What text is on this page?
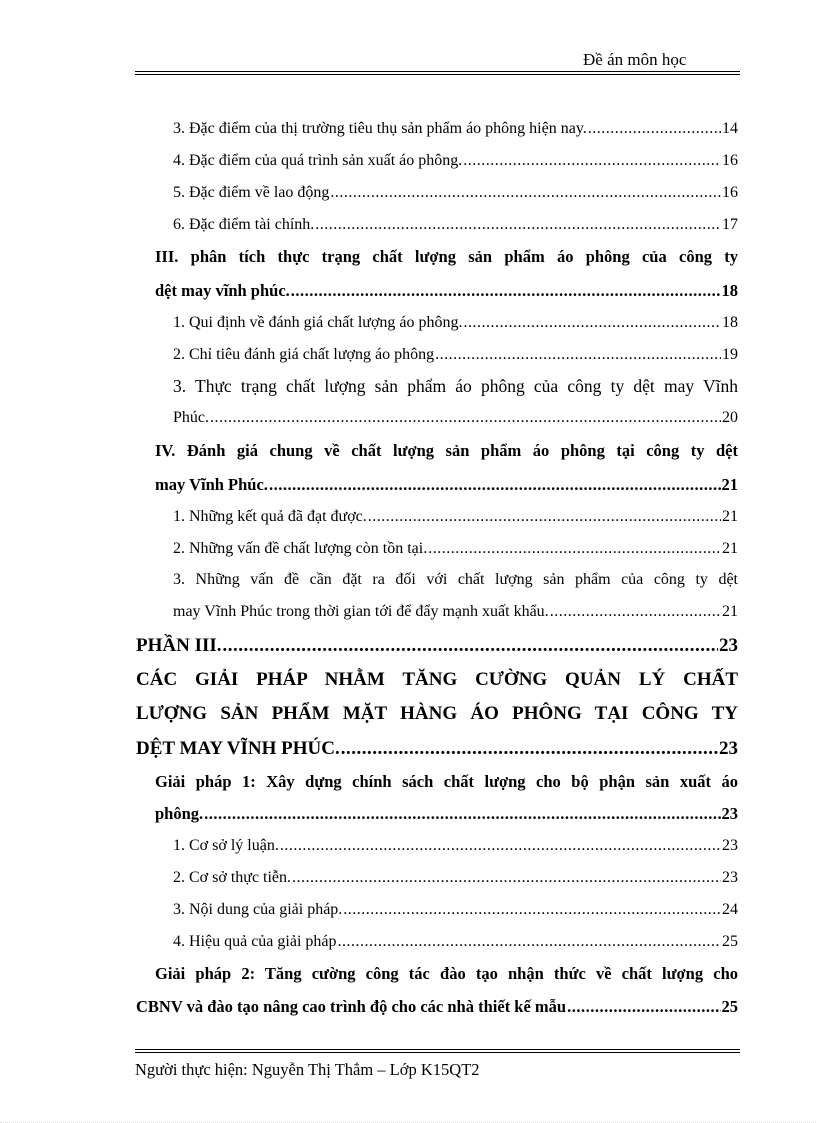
Đề án môn học
3. Đặc điểm của thị trường tiêu thụ sản phẩm áo phông hiện nay. .....	14
4. Đặc điểm của quá trình sản xuất áo phông. .....	16
5. Đặc điểm về lao động .....	16
6. Đặc điểm tài chính. .....	17
III. phân tích thực trạng chất lượng sản phẩm áo phông của công ty
dệt may vĩnh phúc. .....	18
1. Qui định về đánh giá chất lượng áo phông. .....	18
2. Chỉ tiêu đánh giá chất lượng áo phông .....	19
3. Thực trạng chất lượng sản phẩm áo phông của công ty dệt may Vĩnh
Phúc. .....	20
IV. Đánh giá chung về chất lượng sản phẩm áo phông tại công ty dệt
may Vĩnh Phúc. .....	21
1. Những kết quả đã đạt được. .....	21
2. Những vấn đề chất lượng còn tồn tại. .....	21
3. Những vấn đề cần đặt ra đối với chất lượng sản phẩm của công ty dệt
may Vĩnh Phúc trong thời gian tới để đẩy mạnh xuất khẩu. .....	21
PHẦN III. .....	23
CÁC GIẢI PHÁP NHẰM TĂNG CƯỜNG QUẢN LÝ CHẤT
LƯỢNG SẢN PHẨM MẶT HÀNG ÁO PHÔNG TẠI CÔNG TY
DỆT MAY VĨNH PHÚC. .....	23
Giải pháp 1: Xây dựng chính sách chất lượng cho bộ phận sản xuất áo
phông. .....	23
1. Cơ sở lý luận. .....	23
2. Cơ sở thực tiễn. .....	23
3. Nội dung của giải pháp. .....	24
4. Hiệu quả của giải pháp .....	25
Giải pháp 2: Tăng cường công tác đào tạo nhận thức về chất lượng cho
CBNV và đào tạo nâng cao trình độ cho các nhà thiết kế mẫu .....	25
Người thực hiện: Nguyễn Thị Thắm – Lớp K15QT2
